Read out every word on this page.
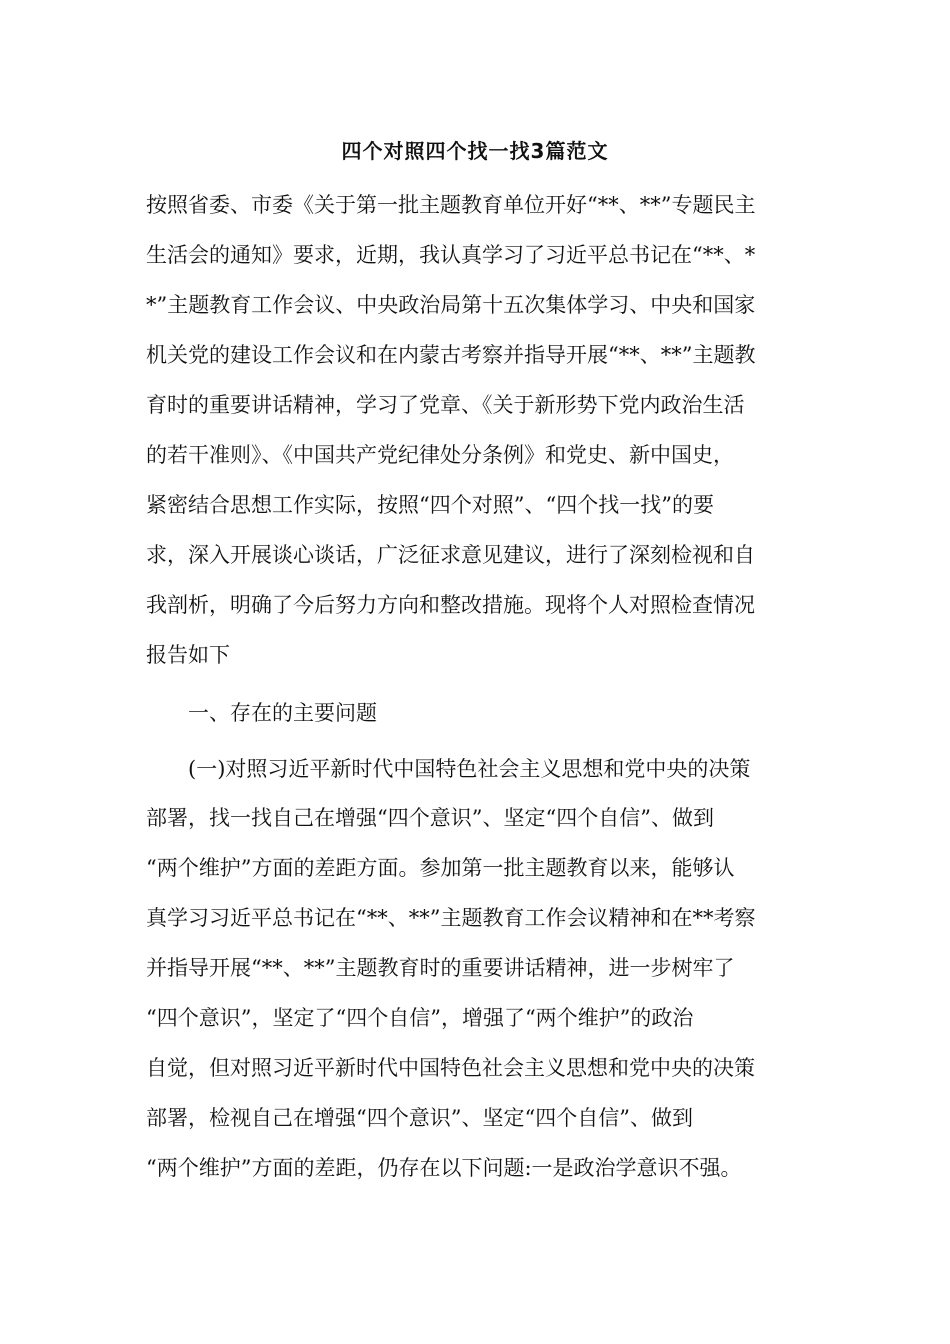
四个对照四个找一找3篇范文
按照省委、市委《关于第一批主题教育单位开好“**、**”专题民主
生活会的通知》要求，近期，我认真学习了习近平总书记在“**、*
*”主题教育工作会议、中央政治局第十五次集体学习、中央和国家
机关党的建设工作会议和在内蒙古考察并指导开展“**、**”主题教
育时的重要讲话精神，学习了党章、《关于新形势下党内政治生活
的若干准则》、《中国共产党纪律处分条例》和党史、新中国史，
紧密结合思想工作实际，按照“四个对照”、“四个找一找”的要
求，深入开展谈心谈话，广泛征求意见建议，进行了深刻检视和自
我剖析，明确了今后努力方向和整改措施。现将个人对照检查情况
报告如下
一、存在的主要问题
(一)对照习近平新时代中国特色社会主义思想和党中央的决策
部署，找一找自己在增强“四个意识”、坚定“四个自信”、做到
“两个维护”方面的差距方面。参加第一批主题教育以来，能够认
真学习习近平总书记在“**、**”主题教育工作会议精神和在**考察
并指导开展“**、**”主题教育时的重要讲话精神，进一步树牢了
“四个意识”，坚定了“四个自信”，增强了“两个维护”的政治
自觉，但对照习近平新时代中国特色社会主义思想和党中央的决策
部署，检视自己在增强“四个意识”、坚定“四个自信”、做到
“两个维护”方面的差距，仍存在以下问题:一是政治学意识不强。
